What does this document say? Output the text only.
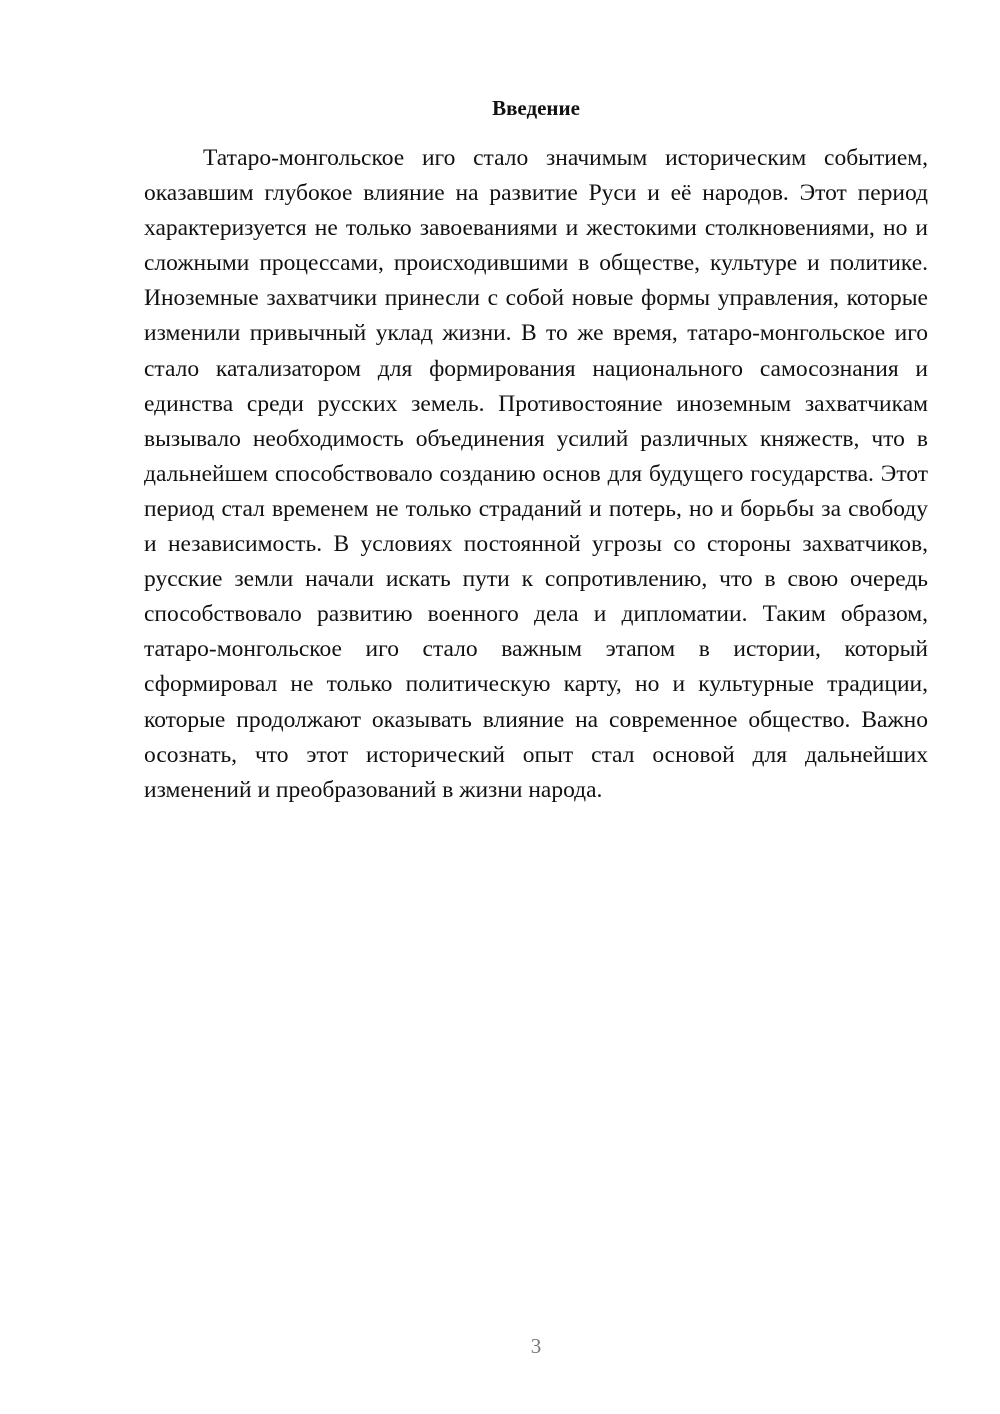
Введение

Татаро-монгольское иго стало значимым историческим событием, оказавшим глубокое влияние на развитие Руси и её народов. Этот период характеризуется не только завоеваниями и жестокими столкновениями, но и сложными процессами, происходившими в обществе, культуре и политике. Иноземные захватчики принесли с собой новые формы управления, которые изменили привычный уклад жизни. В то же время, татаро-монгольское иго стало катализатором для формирования национального самосознания и единства среди русских земель. Противостояние иноземным захватчикам вызывало необходимость объединения усилий различных княжеств, что в дальнейшем способствовало созданию основ для будущего государства. Этот период стал временем не только страданий и потерь, но и борьбы за свободу и независимость. В условиях постоянной угрозы со стороны захватчиков, русские земли начали искать пути к сопротивлению, что в свою очередь способствовало развитию военного дела и дипломатии. Таким образом, татаро-монгольское иго стало важным этапом в истории, который сформировал не только политическую карту, но и культурные традиции, которые продолжают оказывать влияние на современное общество. Важно осознать, что этот исторический опыт стал основой для дальнейших изменений и преобразований в жизни народа.

3
